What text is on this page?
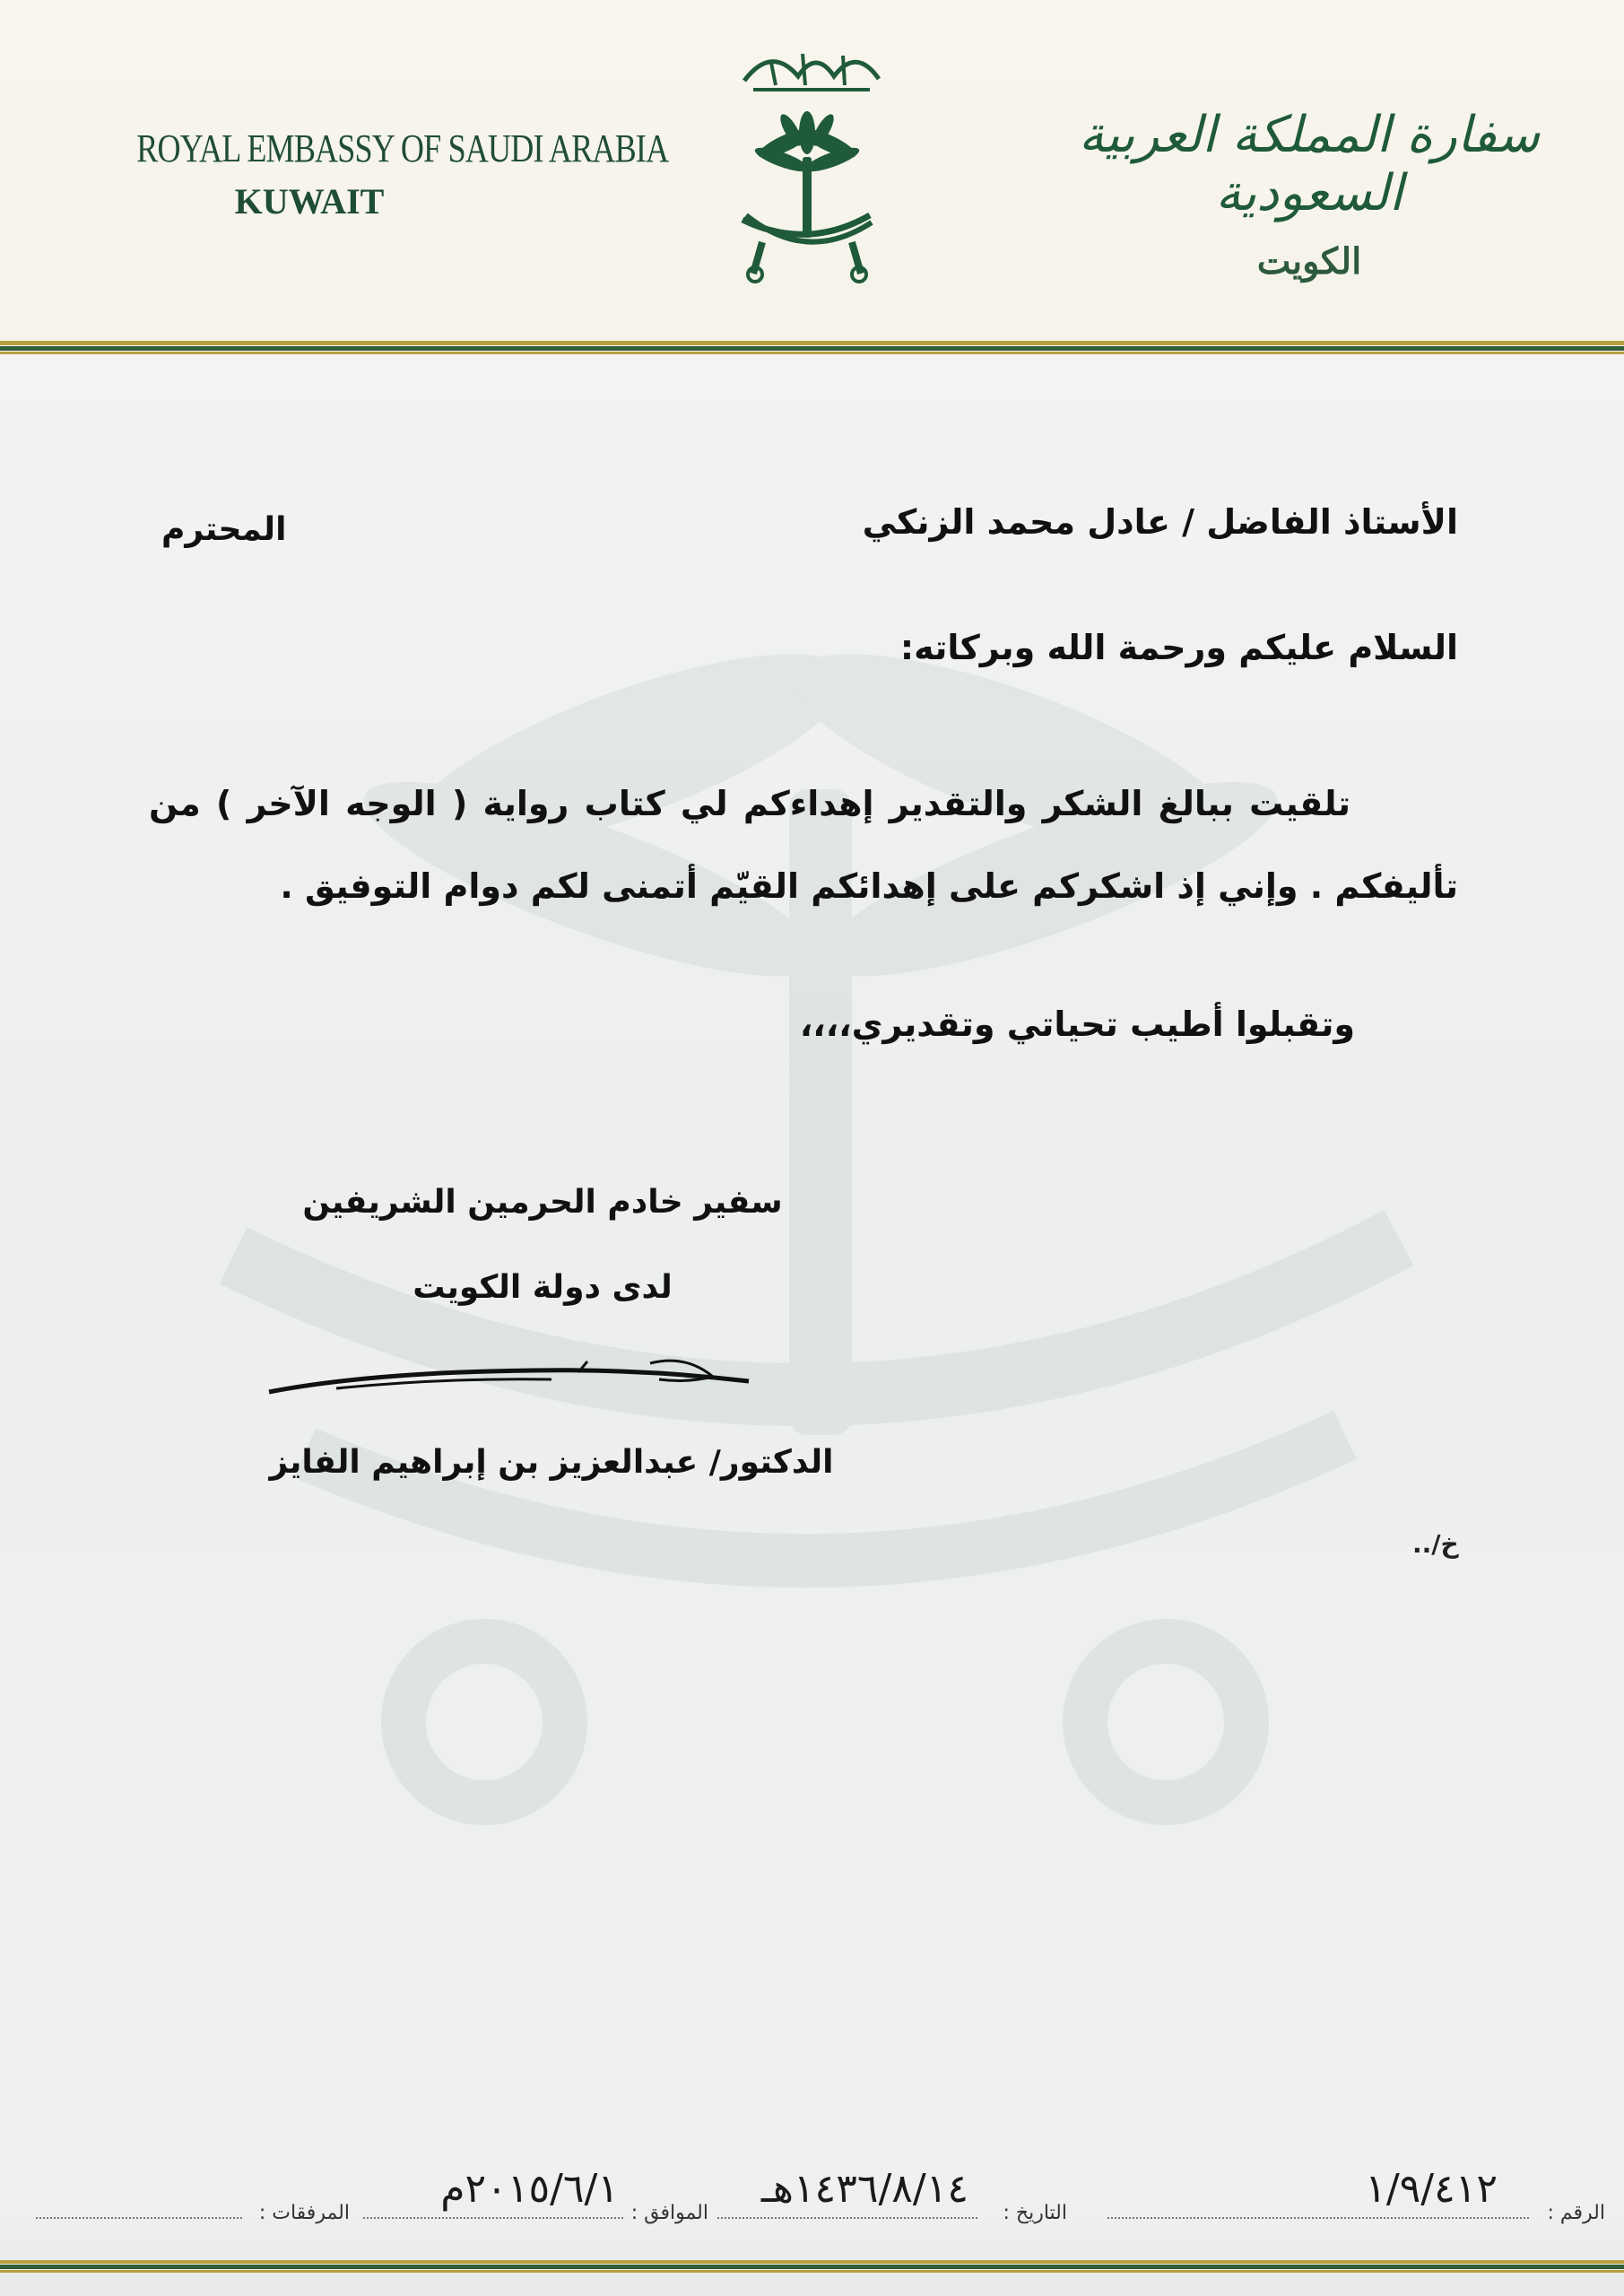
ROYAL EMBASSY OF SAUDI ARABIA
KUWAIT
سفارة المملكة العربية السعودية
الكويت
الأستاذ الفاضل / عادل محمد الزنكي
المحترم
السلام عليكم ورحمة الله وبركاته:
تلقيت ببالغ الشكر والتقدير إهداءكم لي كتاب رواية ( الوجه الآخر ) من تأليفكم . وإني إذ اشكركم على إهدائكم القيّم أتمنى لكم دوام التوفيق .
وتقبلوا أطيب تحياتي وتقديري،،،،
سفير خادم الحرمين الشريفين
لدى دولة الكويت
الدكتور/ عبدالعزيز بن إبراهيم الفايز
خ/..
الرقم :
١/٩/٤١٢
التاريخ :
١٤٣٦/٨/١٤هـ
الموافق :
٢٠١٥/٦/١م
المرفقات :
